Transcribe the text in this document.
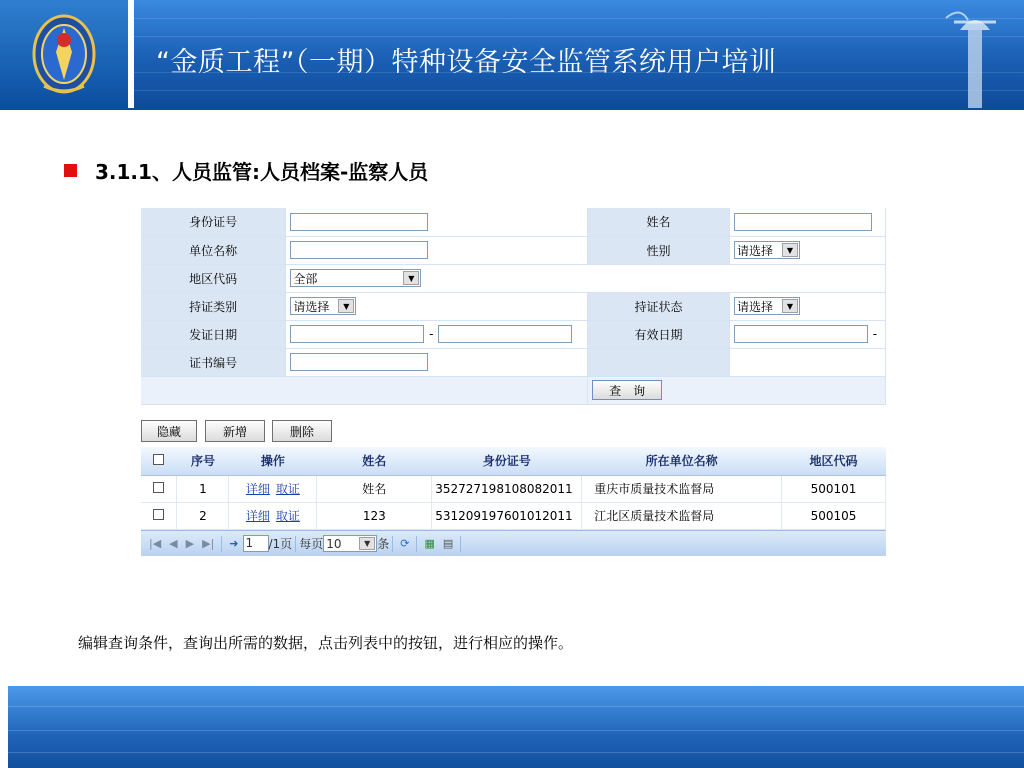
“金质工程”（一期）特种设备安全监管系统用户培训
3.1.1、人员监管:人员档案-监察人员
身份证号		姓名	
单位名称		性别	请选择 ▼

地区代码	全部 ▼		

持证类别	请选择 ▼	持证状态	请选择 ▼

发证日期	-	有效日期	-
证书编号			
		查　询	
隐藏	新增	删除
	序号	操作	姓名	身份证号	所在单位名称	地区代码
	1	详细 取证	姓名	352727198108082011	重庆市质量技术监督局	500101
	2	详细 取证	123	531209197601012011	江北区质量技术监督局	500105
|◀ ◀ ▶ ▶| ➜ 1	/1页 每页 10	▼ 条 ⟳ ▦ ▤
编辑查询条件，查询出所需的数据，点击列表中的按钮，进行相应的操作。
